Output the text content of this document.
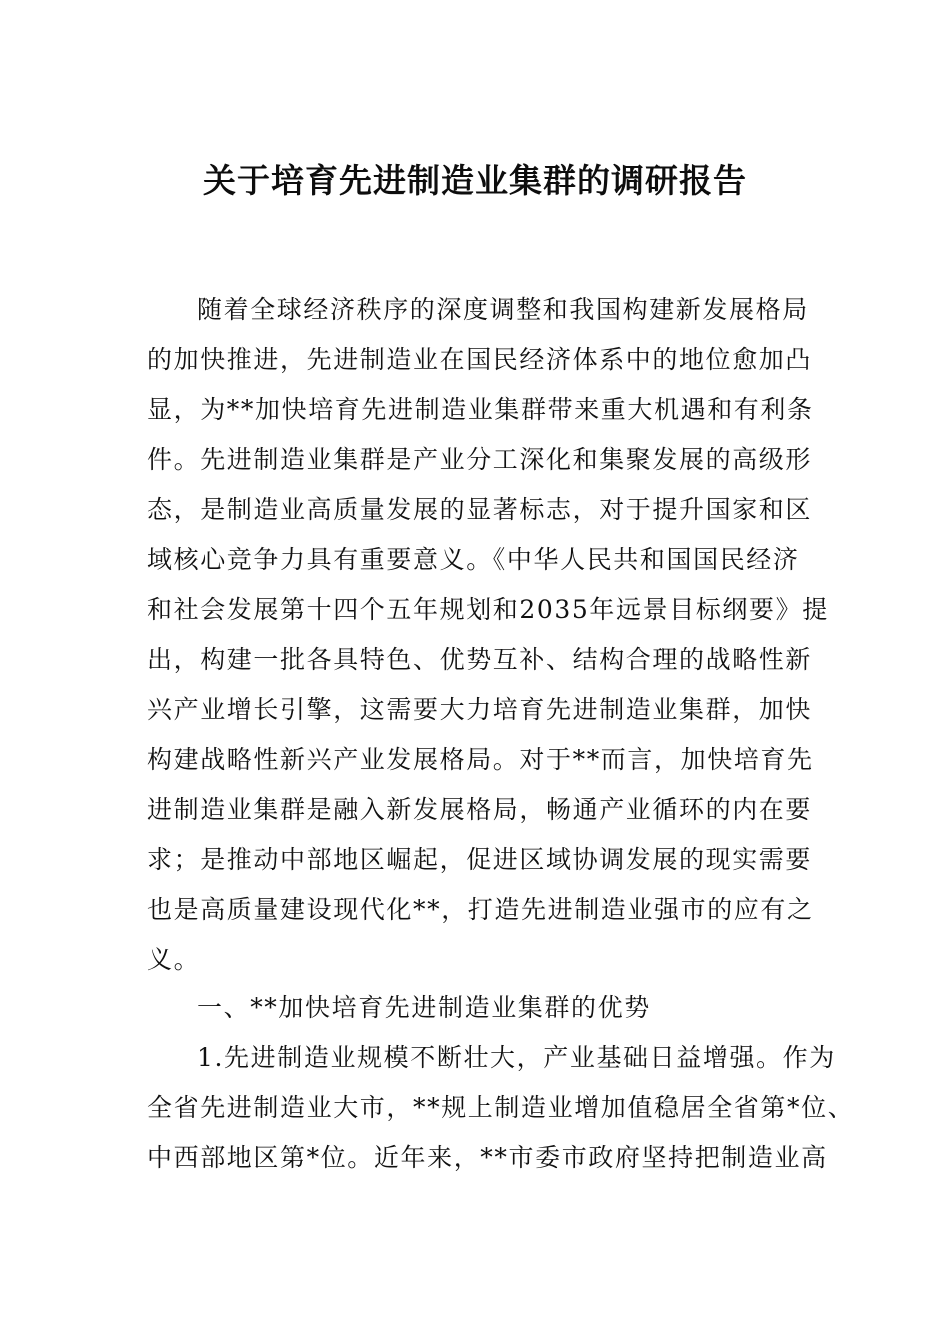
关于培育先进制造业集群的调研报告
随着全球经济秩序的深度调整和我国构建新发展格局
的加快推进，先进制造业在国民经济体系中的地位愈加凸
显，为**加快培育先进制造业集群带来重大机遇和有利条
件。先进制造业集群是产业分工深化和集聚发展的高级形
态，是制造业高质量发展的显著标志，对于提升国家和区
域核心竞争力具有重要意义。《中华人民共和国国民经济
和社会发展第十四个五年规划和2035年远景目标纲要》提
出，构建一批各具特色、优势互补、结构合理的战略性新
兴产业增长引擎，这需要大力培育先进制造业集群，加快
构建战略性新兴产业发展格局。对于**而言，加快培育先
进制造业集群是融入新发展格局，畅通产业循环的内在要
求；是推动中部地区崛起，促进区域协调发展的现实需要
也是高质量建设现代化**，打造先进制造业强市的应有之
义。
一、**加快培育先进制造业集群的优势
1.先进制造业规模不断壮大，产业基础日益增强。作为
全省先进制造业大市，**规上制造业增加值稳居全省第*位、
中西部地区第*位。近年来，**市委市政府坚持把制造业高
